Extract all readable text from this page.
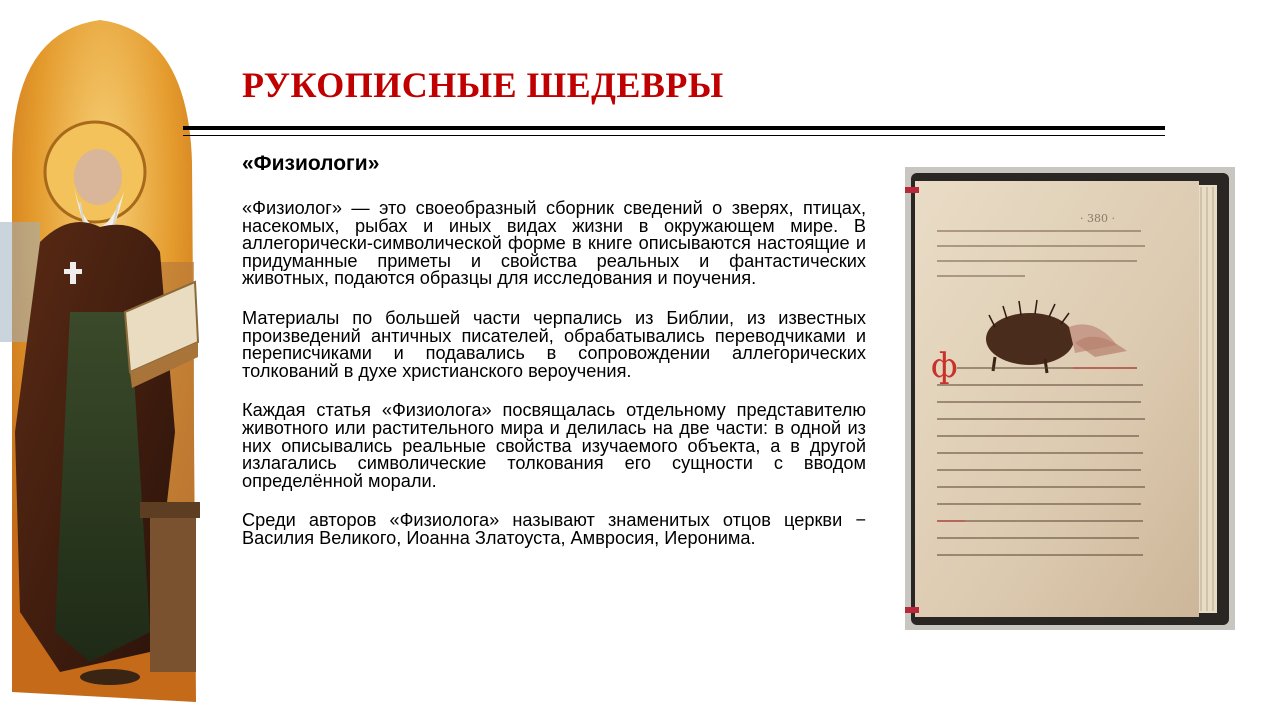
РУКОПИСНЫЕ ШЕДЕВРЫ
«Физиологи»

«Физиолог» — это своеобразный сборник сведений о зверях, птицах, насекомых, рыбах и иных видах жизни в окружающем мире. В аллегорически-символической форме в книге описываются настоящие и придуманные приметы и свойства реальных и фантастических животных, подаются образцы для исследования и поучения.

Материалы по большей части черпались из Библии, из известных произведений античных писателей, обрабатывались переводчиками и переписчиками и подавались в сопровождении аллегорических толкований в духе христианского вероучения.

Каждая статья «Физиолога» посвящалась отдельному представителю животного или растительного мира и делилась на две части: в одной из них описывались реальные свойства изучаемого объекта, а в другой излагались символические толкования его сущности с вводом определённой морали.

Среди авторов «Физиолога» называют знаменитых отцов церкви − Василия Великого, Иоанна Златоуста, Амвросия, Иеронима.

· 380 ·
ф
